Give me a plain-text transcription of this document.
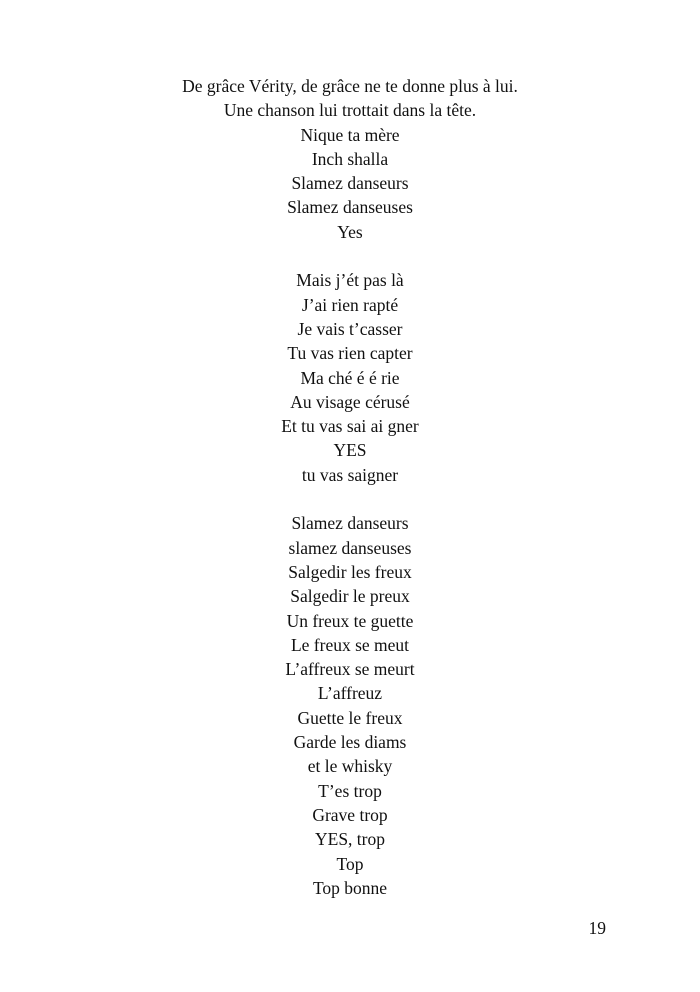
De grâce Vérity, de grâce ne te donne plus à lui.
Une chanson lui trottait dans la tête.
Nique ta mère
Inch shalla
Slamez danseurs
Slamez danseuses
Yes
Mais j’ét pas là
J’ai rien rapté
Je vais t’casser
Tu vas rien capter
Ma ché é é rie
Au visage cérusé
Et tu vas sai ai gner
YES
tu vas saigner
Slamez danseurs
slamez danseuses
Salgedir les freux
Salgedir le preux
Un freux te guette
Le freux se meut
L’affreux se meurt
L’affreuz
Guette le freux
Garde les diams
et le whisky
T’es trop
Grave trop
YES, trop
Top
Top bonne
19
